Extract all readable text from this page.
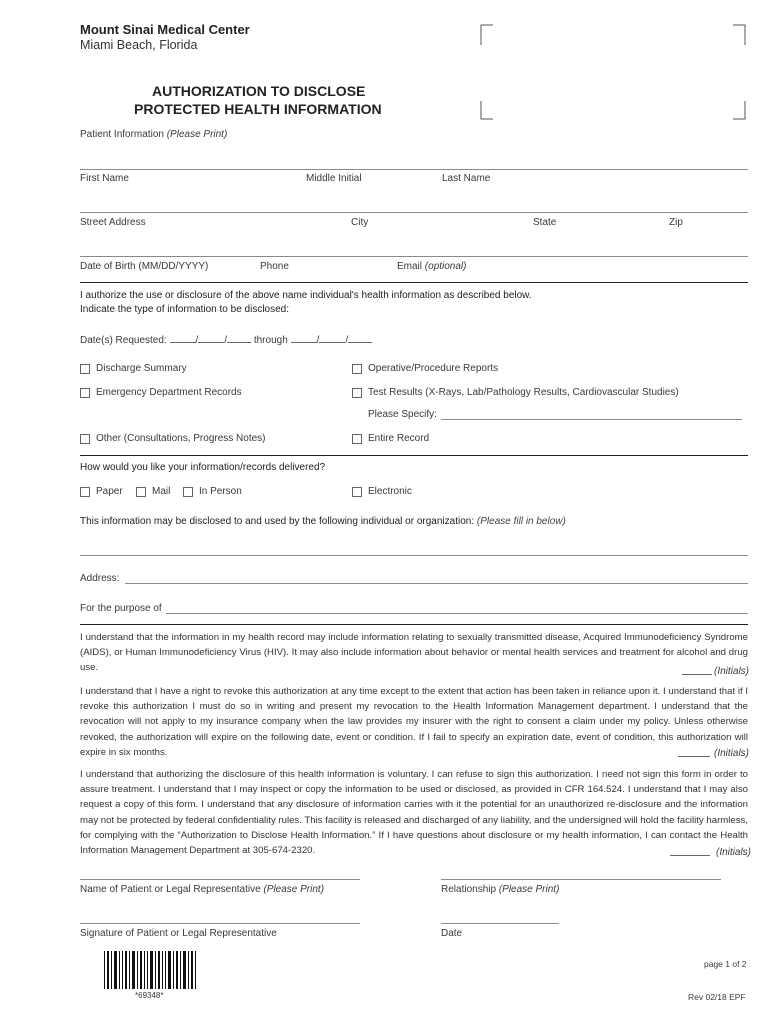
Mount Sinai Medical Center
Miami Beach, Florida
AUTHORIZATION TO DISCLOSE
PROTECTED HEALTH INFORMATION
Patient Information (Please Print)
First Name	Middle Initial	Last Name
Street Address	City	State	Zip
Date of Birth (MM/DD/YYYY)	Phone	Email (optional)
I authorize the use or disclosure of the above name individual's health information as described below.
Indicate the type of information to be disclosed:
Date(s) Requested:	/	/	through	/	/
Discharge Summary	Operative/Procedure Reports
Emergency Department Records	Test Results (X-Rays, Lab/Pathology Results, Cardiovascular Studies)
Please Specify:
Other (Consultations, Progress Notes)	Entire Record
How would you like your information/records delivered?
Paper	Mail	In Person	Electronic
This information may be disclosed to and used by the following individual or organization: (Please fill in below)
Address:
For the purpose of
I understand that the information in my health record may include information relating to sexually transmitted disease, Acquired Immunodeficiency Syndrome (AIDS), or Human Immunodeficiency Virus (HIV). It may also include information about behavior or mental health services and treatment for alcohol and drug use.	(Initials)
I understand that I have a right to revoke this authorization at any time except to the extent that action has been taken in reliance upon it. I understand that if I revoke this authorization I must do so in writing and present my revocation to the Health Information Management department. I understand that the revocation will not apply to my insurance company when the law provides my insurer with the right to consent a claim under my policy. Unless otherwise revoked, the authorization will expire on the following date, event or condition. If I fail to specify an expiration date, event of condition, this authorization will expire in six months.	(Initials)
I understand that authorizing the disclosure of this health information is voluntary. I can refuse to sign this authorization. I need not sign this form in order to assure treatment. I understand that I may inspect or copy the information to be used or disclosed, as provided in CFR 164.524. I understand that I may also request a copy of this form. I understand that any disclosure of information carries with it the potential for an unauthorized re-disclosure and the information may not be protected by federal confidentiality rules. This facility is released and discharged of any liability, and the undersigned will hold the facility harmless, for complying with the “Authorization to Disclose Health Information.” If I have questions about disclosure or my health information, I can contact the Health Information Management Department at 305-674-2320.	(Initials)
Name of Patient or Legal Representative (Please Print)	Relationship (Please Print)
Signature of Patient or Legal Representative	Date
*69348*
page 1 of 2
Rev 02/18 EPF
